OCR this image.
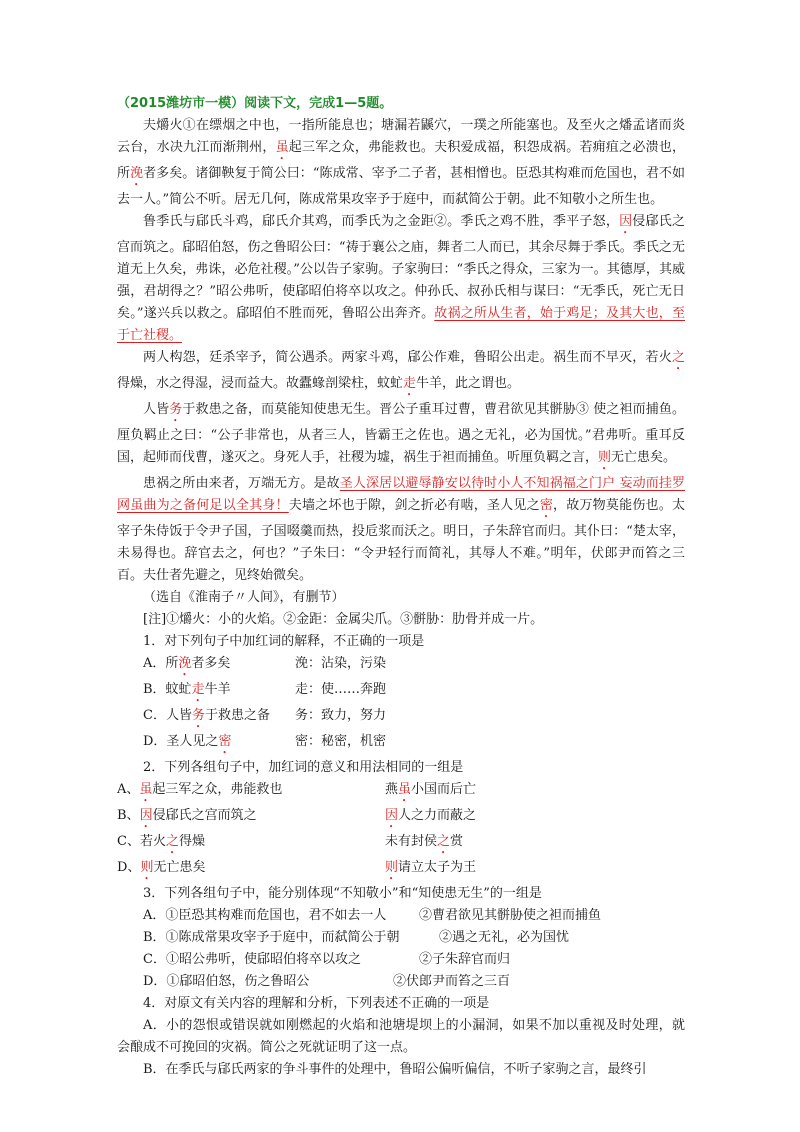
（2015潍坊市一模）阅读下文，完成1—5题。

夫爝火①在缥烟之中也，一指所能息也；塘漏若鼷穴，一璞之所能塞也。及至火之燔孟诸而炎云台，水决九江而渐荆州，虽起三军之众，弗能救也。夫积爱成福，积怨成祸。若痈疽之必溃也，所浼者多矣。诸御鞅复于简公曰：“陈成常、宰予二子者，甚相憎也。臣恐其构难而危国也，君不如去一人。”简公不听。居无几何，陈成常果攻宰予于庭中，而弑简公于朝。此不知敬小之所生也。

鲁季氏与郈氏斗鸡，郈氏介其鸡，而季氏为之金距②。季氏之鸡不胜，季平子怒，因侵郈氏之宫而筑之。郈昭伯怒，伤之鲁昭公曰：“祷于襄公之庙，舞者二人而已，其余尽舞于季氏。季氏之无道无上久矣，弗诛，必危社稷。”公以告子家驹。子家驹曰：“季氏之得众，三家为一。其德厚，其威强，君胡得之？”昭公弗听，使郈昭伯将卒以攻之。仲孙氏、叔孙氏相与谋曰：“无季氏，死亡无日矣。”遂兴兵以救之。郈昭伯不胜而死，鲁昭公出奔齐。故祸之所从生者，始于鸡足；及其大也，至于亡社稷。

两人构怨，廷杀宰予，简公遇杀。两家斗鸡，郈公作难，鲁昭公出走。祸生而不早灭，若火之得燥，水之得湿，浸而益大。故蠹蝝剖梁柱，蚊虻走牛羊，此之谓也。

人皆务于救患之备，而莫能知使患无生。晋公子重耳过曹，曹君欲见其骿胁③ 使之袒而捕鱼。厘负羁止之曰：“公子非常也，从者三人，皆霸王之佐也。遇之无礼，必为国忧。”君弗听。重耳反国，起师而伐曹，遂灭之。身死人手，社稷为墟，祸生于袒而捕鱼。听厘负羁之言，则无亡患矣。

患祸之所由来者，万端无方。是故圣人深居以避辱静安以待时小人不知祸福之门户 妄动而挂罗网虽曲为之备何足以全其身！夫墙之坏也于隙，剑之折必有啮，圣人见之密，故万物莫能伤也。太宰子朱侍饭于令尹子国，子国啜羹而热，投卮浆而沃之。明日，子朱辞官而归。其仆曰：“楚太宰，未易得也。辞官去之，何也？”子朱曰：“令尹轻行而简礼，其辱人不难。”明年，伏郎尹而笞之三百。夫仕者先避之，见终始微矣。

（选自《淮南子〃人间》，有删节）

[注]①爝火：小的火焰。②金距：金属尖爪。③骿胁：肋骨并成一片。

1．对下列句子中加红词的解释，不正确的一项是

A．所浼者多矣	浼：沾染，污染

B．蚊虻走牛羊	走：使……奔跑

C．人皆务于救患之备 务：致力，努力

D．圣人见之密	密：秘密，机密

2．下列各组句子中，加红词的意义和用法相同的一组是

A、虽起三军之众，弗能救也	燕虽小国而后亡

B、因侵郈氏之宫而筑之	因人之力而蔽之

C、若火之得燥	未有封侯之赏

D、则无亡患矣	则请立太子为王

3．下列各组句子中，能分别体现“不知敬小”和“知使患无生”的一组是

A．①臣恐其构难而危国也，君不如去一人	②曹君欲见其骿胁使之袒而捕鱼

B．①陈成常果攻宰予于庭中，而弑简公于朝	②遇之无礼，必为国忧

C．①昭公弗听，使郈昭伯将卒以攻之	②子朱辞官而归

D．①郈昭伯怒，伤之鲁昭公	②伏郎尹而笞之三百

4．对原文有关内容的理解和分析，下列表述不正确的一项是

A．小的怨恨或错误就如刚燃起的火焰和池塘堤坝上的小漏洞，如果不加以重视及时处理，就会酿成不可挽回的灾祸。简公之死就证明了这一点。

B．在季氏与郈氏两家的争斗事件的处理中，鲁昭公偏听偏信，不听子家驹之言，最终引
